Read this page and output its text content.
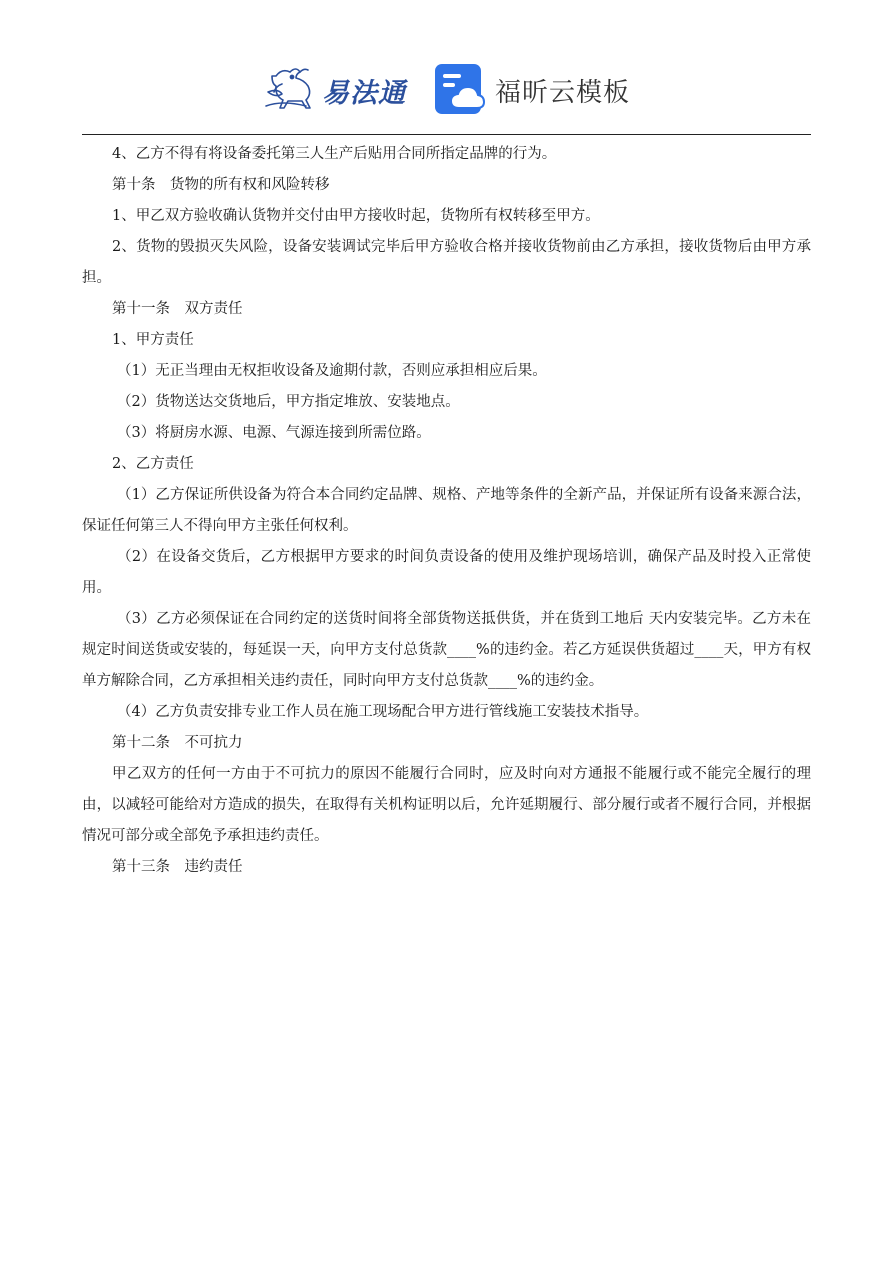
易法通	福昕云模板

4、乙方不得有将设备委托第三人生产后贴用合同所指定品牌的行为。

第十条　货物的所有权和风险转移

1、甲乙双方验收确认货物并交付由甲方接收时起，货物所有权转移至甲方。

2、货物的毁损灭失风险，设备安装调试完毕后甲方验收合格并接收货物前由乙方承担，接收货物后由甲方承担。

第十一条　双方责任

1、甲方责任

（1）无正当理由无权拒收设备及逾期付款，否则应承担相应后果。

（2）货物送达交货地后，甲方指定堆放、安装地点。

（3）将厨房水源、电源、气源连接到所需位路。

2、乙方责任

（1）乙方保证所供设备为符合本合同约定品牌、规格、产地等条件的全新产品，并保证所有设备来源合法，保证任何第三人不得向甲方主张任何权利。

（2）在设备交货后，乙方根据甲方要求的时间负责设备的使用及维护现场培训，确保产品及时投入正常使用。

（3）乙方必须保证在合同约定的送货时间将全部货物送抵供货，并在货到工地后 天内安装完毕。乙方未在规定时间送货或安装的，每延误一天，向甲方支付总货款____%的违约金。若乙方延误供货超过____天，甲方有权单方解除合同，乙方承担相关违约责任，同时向甲方支付总货款____%的违约金。

（4）乙方负责安排专业工作人员在施工现场配合甲方进行管线施工安装技术指导。

第十二条　不可抗力

甲乙双方的任何一方由于不可抗力的原因不能履行合同时，应及时向对方通报不能履行或不能完全履行的理由，以减轻可能给对方造成的损失，在取得有关机构证明以后，允许延期履行、部分履行或者不履行合同，并根据情况可部分或全部免予承担违约责任。

第十三条　违约责任
